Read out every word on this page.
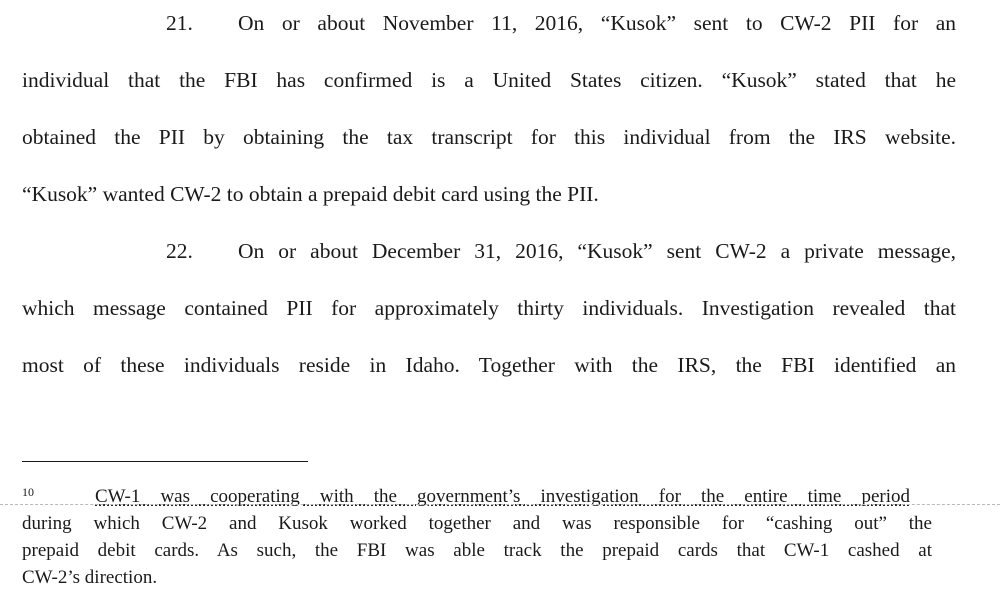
21. On or about November 11, 2016, “Kusok” sent to CW-2 PII for an
individual that the FBI has confirmed is a United States citizen. “Kusok” stated that he
obtained the PII by obtaining the tax transcript for this individual from the IRS website.
“Kusok” wanted CW-2 to obtain a prepaid debit card using the PII.
22. On or about December 31, 2016, “Kusok” sent CW-2 a private message,
which message contained PII for approximately thirty individuals. Investigation revealed that
most of these individuals reside in Idaho. Together with the IRS, the FBI identified an
10	CW-1 was cooperating with the government’s investigation for the entire time period
during which CW-2 and Kusok worked together and was responsible for “cashing out” the
prepaid debit cards. As such, the FBI was able track the prepaid cards that CW-1 cashed at
CW-2’s direction.
